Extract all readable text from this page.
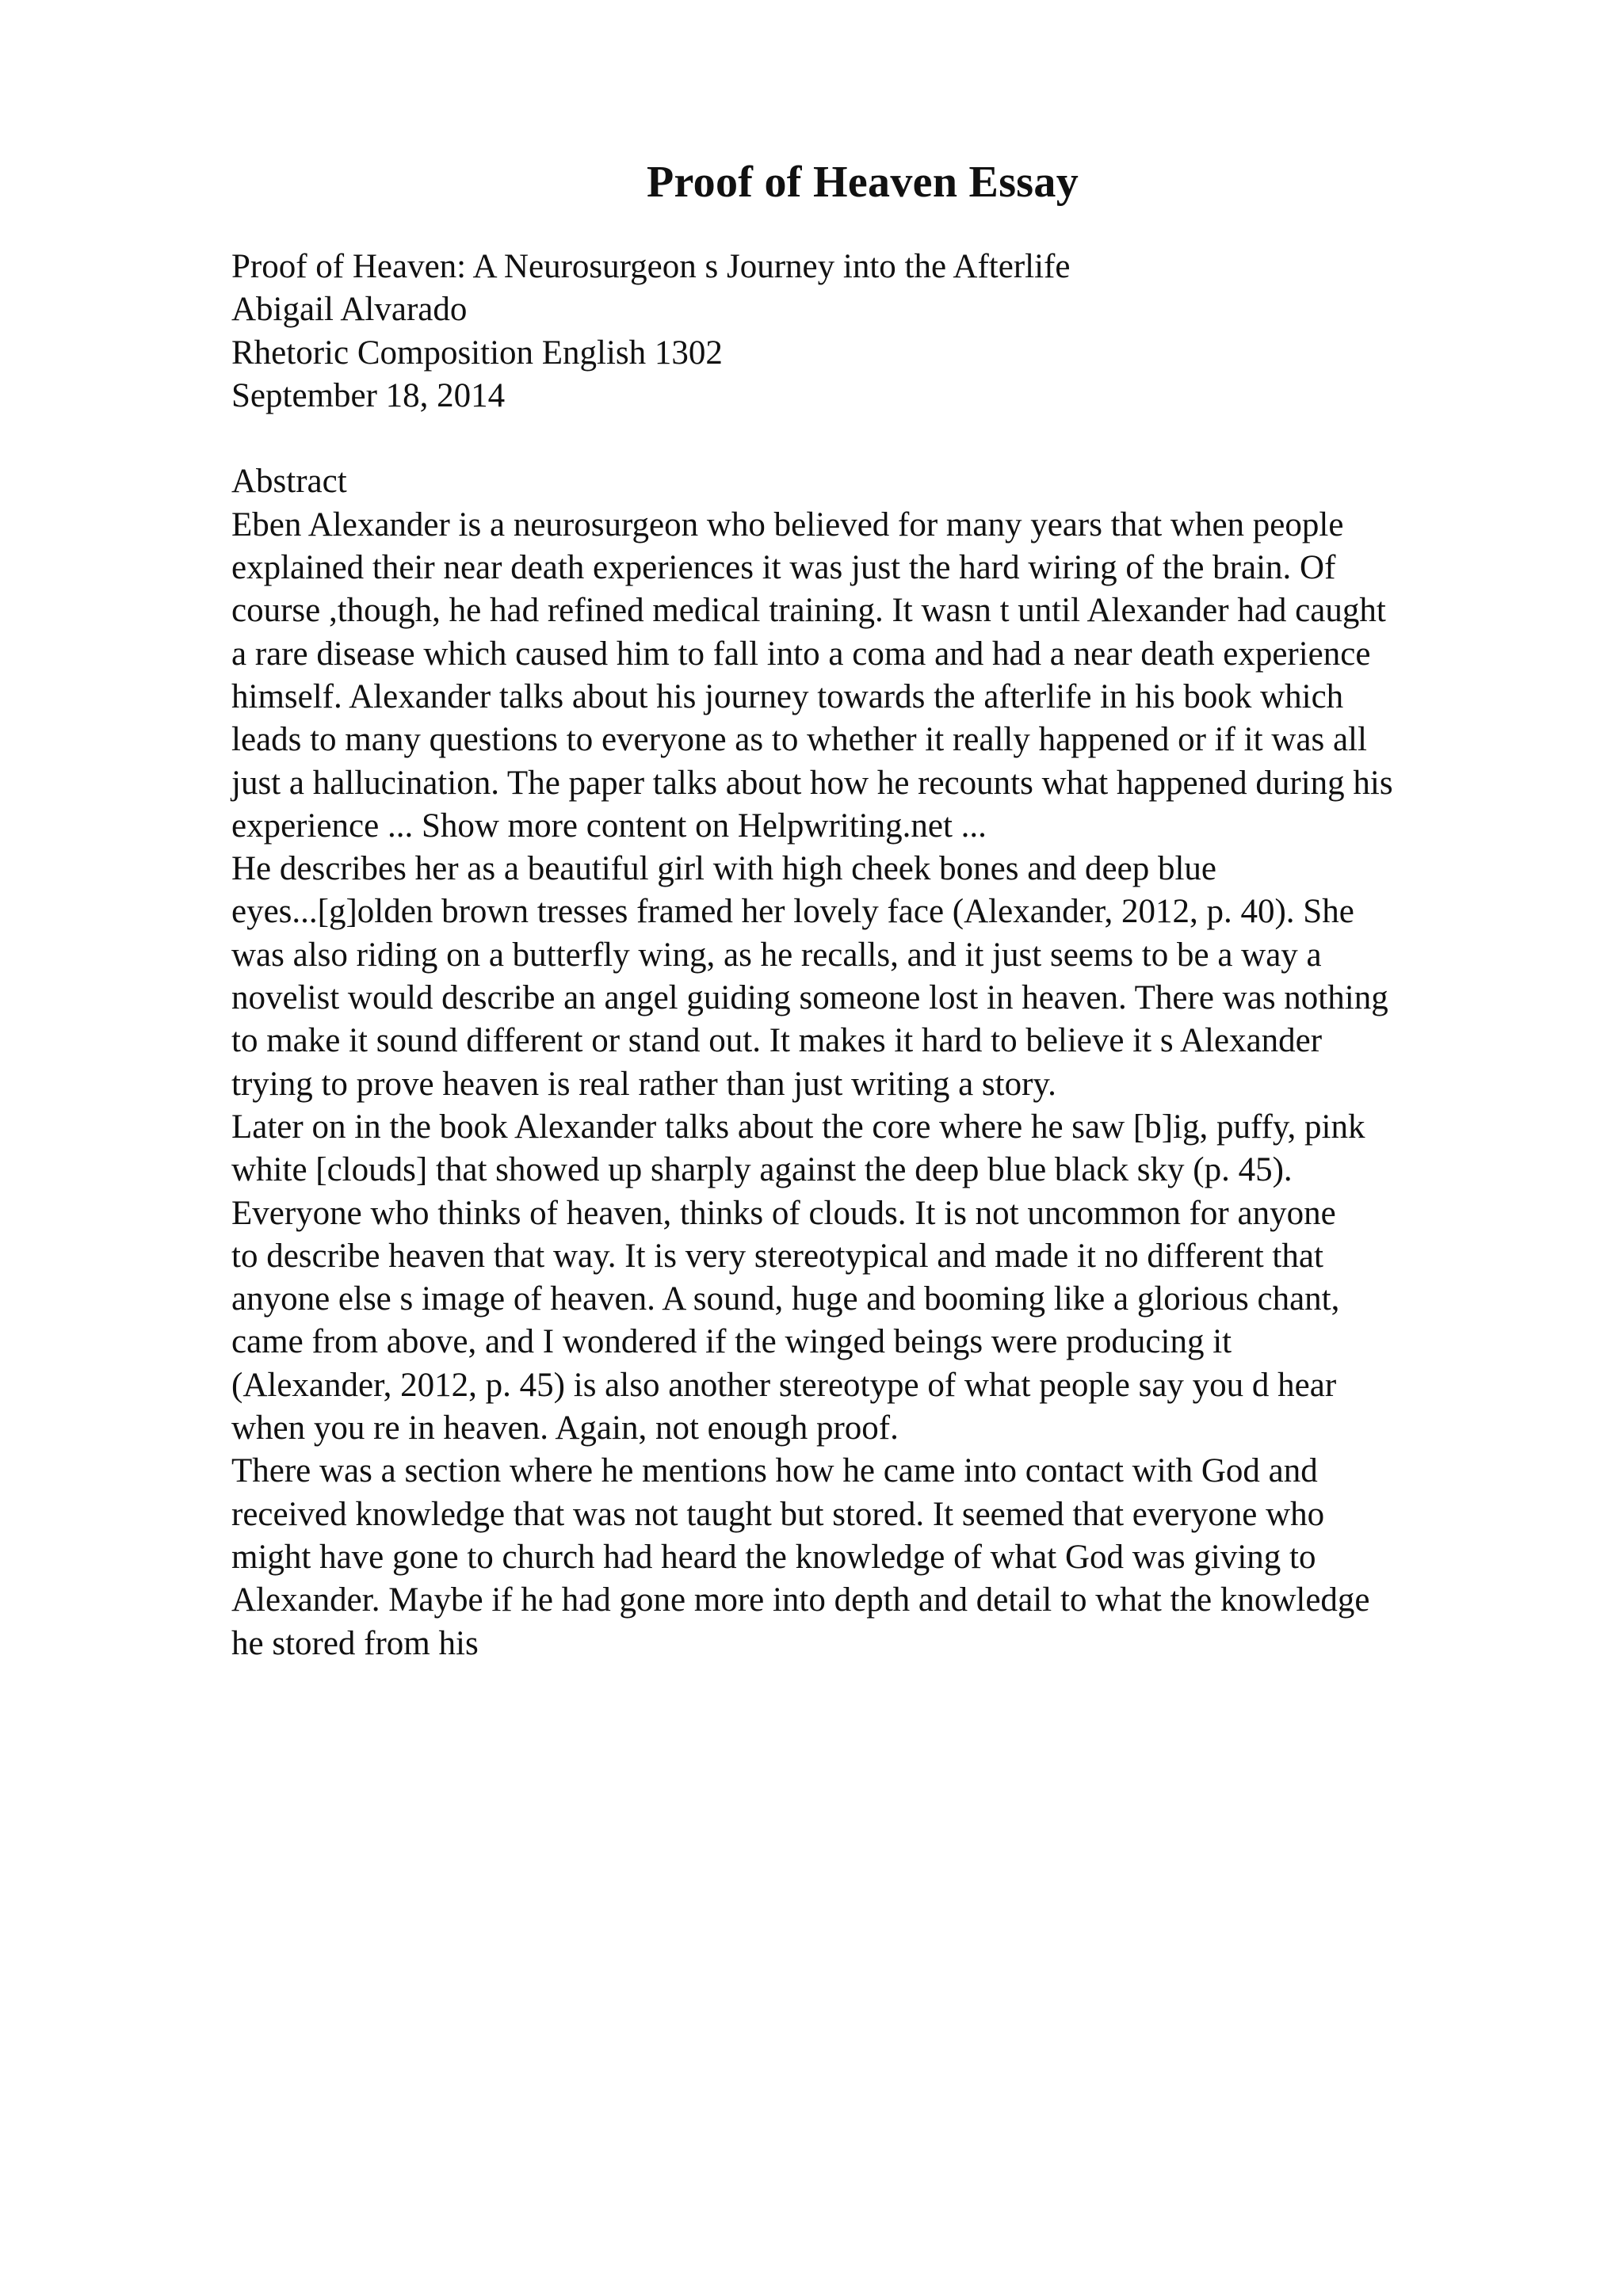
Proof of Heaven Essay
Proof of Heaven: A Neurosurgeon s Journey into the Afterlife
Abigail Alvarado
Rhetoric Composition English 1302
September 18, 2014
Abstract
Eben Alexander is a neurosurgeon who believed for many years that when people
explained their near death experiences it was just the hard wiring of the brain. Of
course ,though, he had refined medical training. It wasn t until Alexander had caught
a rare disease which caused him to fall into a coma and had a near death experience
himself. Alexander talks about his journey towards the afterlife in his book which
leads to many questions to everyone as to whether it really happened or if it was all
just a hallucination. The paper talks about how he recounts what happened during his
experience ... Show more content on Helpwriting.net ...
He describes her as a beautiful girl with high cheek bones and deep blue
eyes...[g]olden brown tresses framed her lovely face (Alexander, 2012, p. 40). She
was also riding on a butterfly wing, as he recalls, and it just seems to be a way a
novelist would describe an angel guiding someone lost in heaven. There was nothing
to make it sound different or stand out. It makes it hard to believe it s Alexander
trying to prove heaven is real rather than just writing a story.
Later on in the book Alexander talks about the core where he saw [b]ig, puffy, pink
white [clouds] that showed up sharply against the deep blue black sky (p. 45).
Everyone who thinks of heaven, thinks of clouds. It is not uncommon for anyone
to describe heaven that way. It is very stereotypical and made it no different that
anyone else s image of heaven. A sound, huge and booming like a glorious chant,
came from above, and I wondered if the winged beings were producing it
(Alexander, 2012, p. 45) is also another stereotype of what people say you d hear
when you re in heaven. Again, not enough proof.
There was a section where he mentions how he came into contact with God and
received knowledge that was not taught but stored. It seemed that everyone who
might have gone to church had heard the knowledge of what God was giving to
Alexander. Maybe if he had gone more into depth and detail to what the knowledge
he stored from his
